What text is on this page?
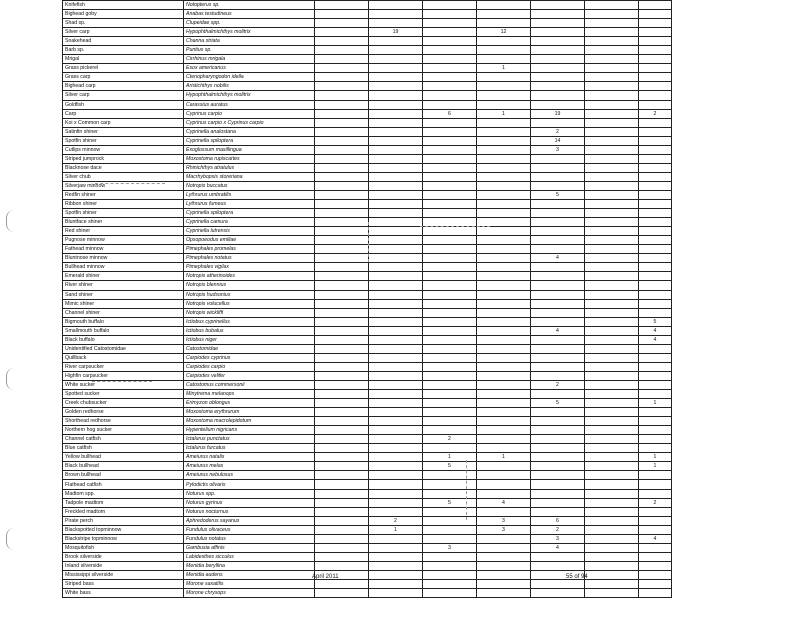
Knifefish	Notopterus sp.							
Bighead goby	Anabas testudineus							
Shad sp.	Clupeidae spp.							
Silver carp	Hypophthalmichthys molitrix		19		12			
Snakehead	Channa striata							
Barb sp.	Puntius sp.							
Mrigal	Cirrhinus mrigala							
Grass pickerel	Esox americanus				1			
Grass carp	Ctenopharyngodon idella							
Bighead carp	Aristichthys nobilis							
Silver carp	Hypophthalmichthys molitrix							
Goldfish	Carassius auratus							
Carp	Cyprinus carpio			6	1	19		2
Koi x Common carp	Cyprinus carpio x Cyprinus carpio							
Satinfin shiner	Cyprinella analostana					2		
Spotfin shiner	Cyprinella spiloptera					14		
Cutlips minnow	Exoglossum maxillingua					3		
Striped jumprock	Moxostoma rupiscartes							
Blacknose dace	Rhinichthys atratulus							
Silver chub	Macrhybopsis storeriana							
Silverjaw minnow	Notropis buccatus							
Redfin shiner	Lythrurus umbratilis					5		
Ribbon shiner	Lythrurus fumeus							
Spotfin shiner	Cyprinella spiloptera							
Bluntface shiner	Cyprinella camura							
Red shiner	Cyprinella lutrensis							
Pugnose minnow	Opsopoeodus emiliae							
Fathead minnow	Pimephales promelas							
Bluntnose minnow	Pimephales notatus					4		
Bullhead minnow	Pimephales vigilax							
Emerald shiner	Notropis atherinoides							
River shiner	Notropis blennius							
Sand shiner	Notropis hudsonius							
Mimic shiner	Notropis volucellus							
Channel shiner	Notropis wickliffi							
Bigmouth buffalo	Ictiobus cyprinellus							5
Smallmouth buffalo	Ictiobus bubalus					4		4
Black buffalo	Ictiobus niger							4
Unidentified Catostomidae	Catostomidae							
Quillback	Carpiodes cyprinus							
River carpsucker	Carpiodes carpio							
Highfin carpsucker	Carpiodes velifer							
White sucker	Catostomus commersonii					2		
Spotted sucker	Minytrema melanops							
Creek chubsucker	Erimyzon oblongus					5		1
Golden redhorse	Moxostoma erythrurum							
Shorthead redhorse	Moxostoma macrolepidotum							
Northern hog sucker	Hypentelium nigricans							
Channel catfish	Ictalurus punctatus			2				
Blue catfish	Ictalurus furcatus							
Yellow bullhead	Ameiurus natalis			1	1			1
Black bullhead	Ameiurus melas			5				1
Brown bullhead	Ameiurus nebulosus							
Flathead catfish	Pylodictis olivaris							
Madtom spp.	Noturus spp.							
Tadpole madtom	Noturus gyrinus			5	4			2
Freckled madtom	Noturus nocturnus							
Pirate perch	Aphredoderus sayanus		2		3	6		
Blackspotted topminnow	Fundulus olivaceus		1		3	2		
Blackstripe topminnow	Fundulus notatus					3		4
Mosquitofish	Gambusia affinis			3		4		
Brook silverside	Labidesthes sicculus							
Inland silverside	Menidia beryllina							
Mississippi silverside	Menidia audens							
Striped bass	Morone saxatilis							
White bass	Morone chrysops							
April 2011	55 of 94
